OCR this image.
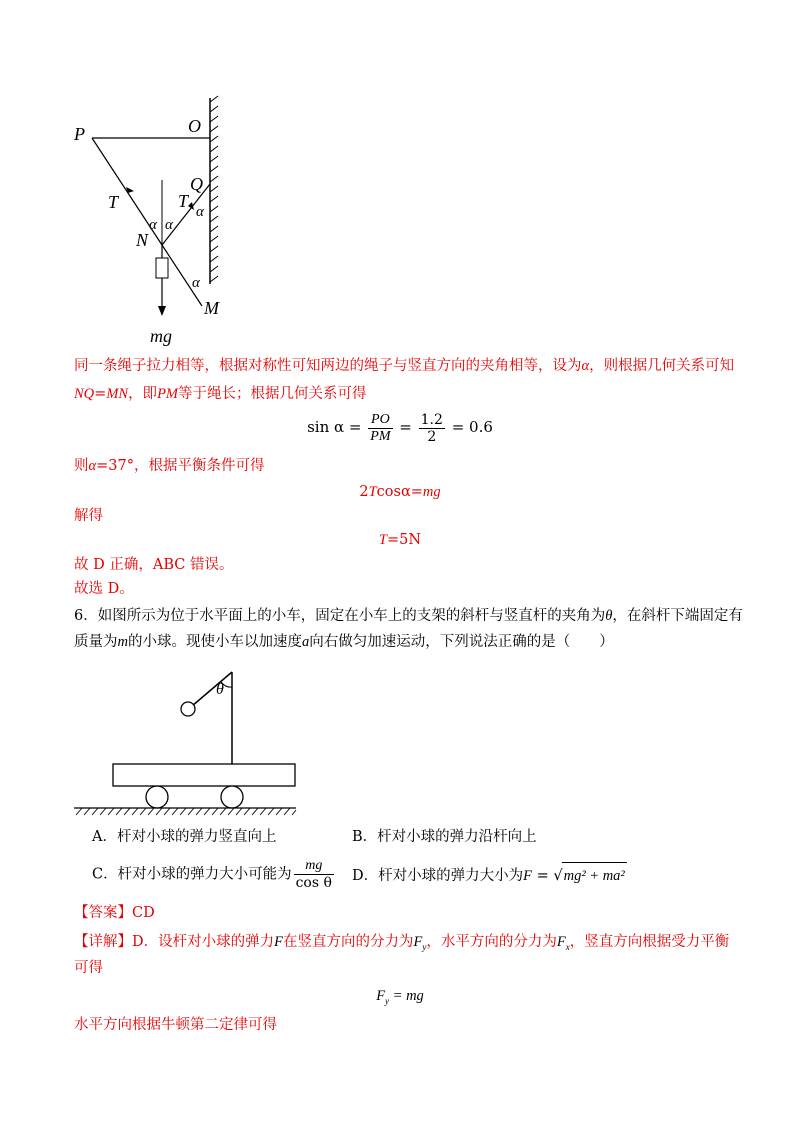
P	O
Q
N
M
T	T
α α
α
α
mg
同一条绳子拉力相等，根据对称性可知两边的绳子与竖直方向的夹角相等，设为α，则根据几何关系可知
NQ=MN，即PM等于绳长；根据几何关系可得
$\sin \alpha = \frac{PO}{PM} = \frac{1.2}{2} = 0.6$
则α=37°，根据平衡条件可得
2Tcosα=mg
解得
T=5N
故 D 正确，ABC 错误。
故选 D。
6．如图所示为位于水平面上的小车，固定在小车上的支架的斜杆与竖直杆的夹角为θ，在斜杆下端固定有
质量为m的小球。现使小车以加速度a向右做匀加速运动，下列说法正确的是（　　）
θ
A．杆对小球的弹力竖直向上	B．杆对小球的弹力沿杆向上
C．杆对小球的弹力大小可能为 $\frac{mg}{\text{cos θ}}$ D．杆对小球的弹力大小为F = √mg² + ma²
【答案】CD
【详解】D．设杆对小球的弹力F在竖直方向的分力为$F_y$，水平方向的分力为$F_x$，竖直方向根据受力平衡
可得
$F_y$ = mg
水平方向根据牛顿第二定律可得
